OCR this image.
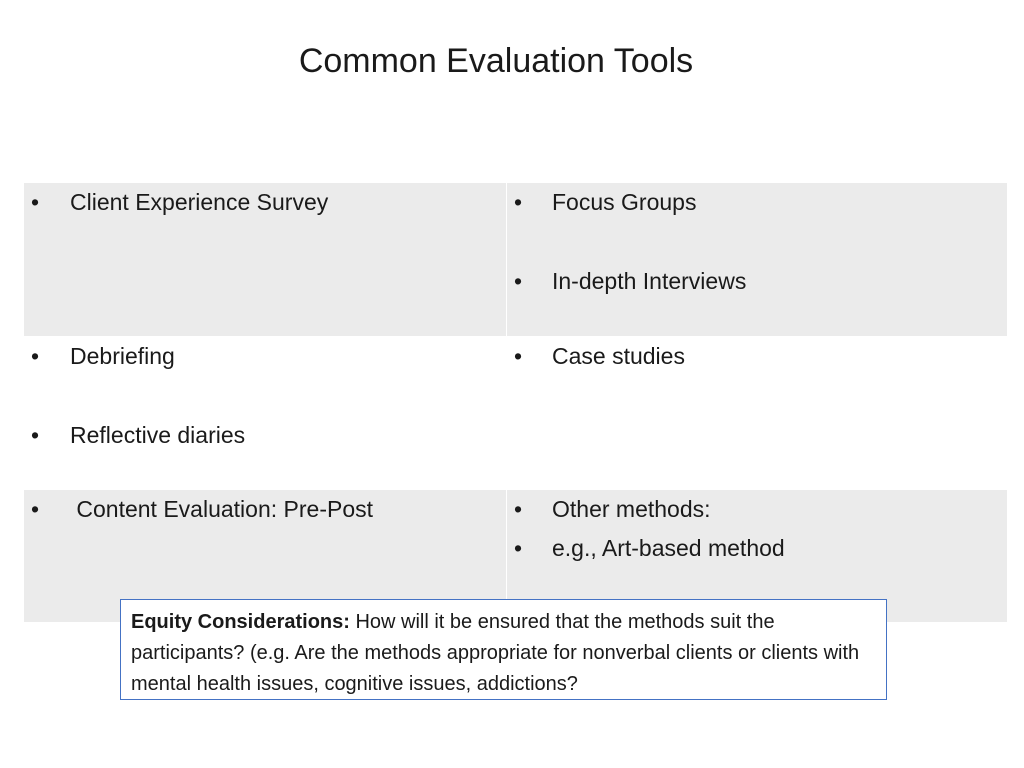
Common Evaluation Tools
• Client Experience Survey	• Focus Groups
• In-depth Interviews
• Debriefing
• Reflective diaries
• Case studies
• Content Evaluation: Pre-Post	• Other methods:
• e.g., Art-based method
Equity Considerations: How will it be ensured that the methods suit the participants? (e.g. Are the methods appropriate for nonverbal clients or clients with mental health issues, cognitive issues, addictions?
